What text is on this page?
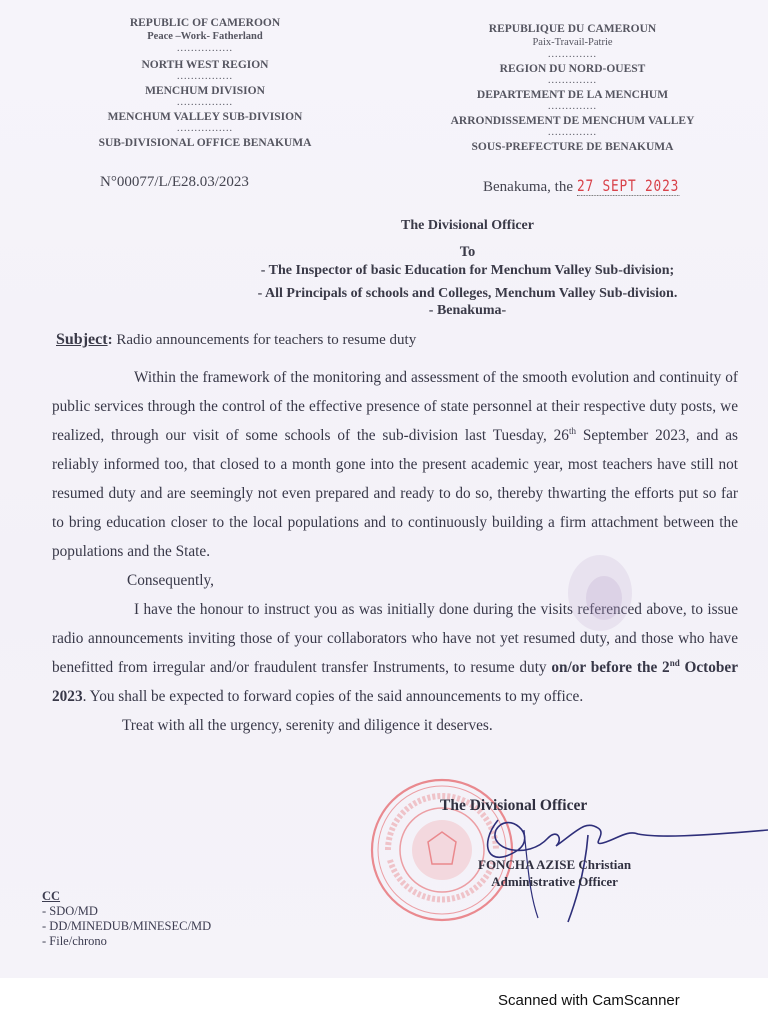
REPUBLIC OF CAMEROON
Peace –Work- Fatherland
................
NORTH WEST REGION
................
MENCHUM DIVISION
................
MENCHUM VALLEY SUB-DIVISION
................
SUB-DIVISIONAL OFFICE BENAKUMA
REPUBLIQUE DU CAMEROUN
Paix-Travail-Patrie
..............
REGION DU NORD-OUEST
..............
DEPARTEMENT DE LA MENCHUM
..............
ARRONDISSEMENT DE MENCHUM VALLEY
..............
SOUS-PREFECTURE DE BENAKUMA
N°00077/L/E28.03/2023	Benakuma, the 27 SEPT 2023
The Divisional Officer
To
- The Inspector of basic Education for Menchum Valley Sub-division;
- All Principals of schools and Colleges, Menchum Valley Sub-division.
- Benakuma-
Subject: Radio announcements for teachers to resume duty

Within the framework of the monitoring and assessment of the smooth evolution and continuity of public services through the control of the effective presence of state personnel at their respective duty posts, we realized, through our visit of some schools of the sub-division last Tuesday, 26th September 2023, and as reliably informed too, that closed to a month gone into the present academic year, most teachers have still not resumed duty and are seemingly not even prepared and ready to do so, thereby thwarting the efforts put so far to bring education closer to the local populations and to continuously building a firm attachment between the populations and the State.

Consequently,

I have the honour to instruct you as was initially done during the visits referenced above, to issue radio announcements inviting those of your collaborators who have not yet resumed duty, and those who have benefitted from irregular and/or fraudulent transfer Instruments, to resume duty on/or before the 2nd October 2023. You shall be expected to forward copies of the said announcements to my office.

Treat with all the urgency, serenity and diligence it deserves.

The Divisional Officer
FONCHA AZISE Christian
Administrative Officer
CC
- SDO/MD
- DD/MINEDUB/MINESEC/MD
- File/chrono
Scanned with CamScanner
